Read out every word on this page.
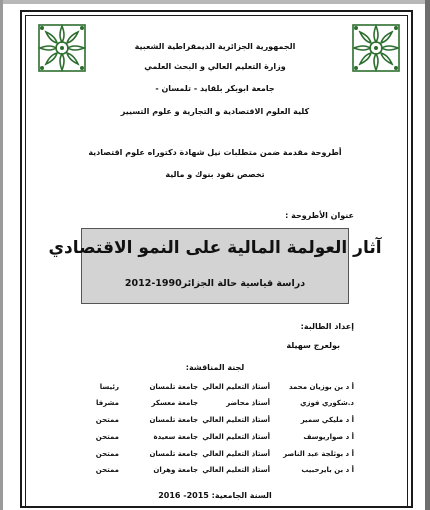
الجمهورية الجزائرية الديمقراطية الشعبية
وزارة التعليم العالي و البحث العلمي
جامعة ابوبكر بلقايد - تلمسان -
كلية العلوم الاقتصادية و التجارية و علوم التسيير
أطروحة مقدمة ضمن متطلبات نيل شهادة دكتوراه علوم اقتصادية
تخصص نقود بنوك و مالية
عنوان الأطروحة :
آثار العولمة المالية على النمو الاقتصادي
دراسة قياسية حالة الجزائر1990-2012
إعداد الطالبة:
بولعرج سهيلة
لجنة المناقشة:
أ د بن بوزيان محمد
أستاذ التعليم العالي
جامعة تلمسان
رئيسا
د.شكوري فوزي
أستاذ محاضر
جامعة معسكر
مشرفا
أ د مليكي سمير
أستاذ التعليم العالي
جامعة تلمسان
ممتحن
أ د صواريوسف
أستاذ التعليم العالي
جامعة سعيدة
ممتحن
أ د بوثلجة عبد الناصر
أستاذ التعليم العالي
جامعة تلمسان
ممتحن
أ د بن بايرحبيب
أستاذ التعليم العالي
جامعة وهران
ممتحن
السنة الجامعية: 2015- 2016
